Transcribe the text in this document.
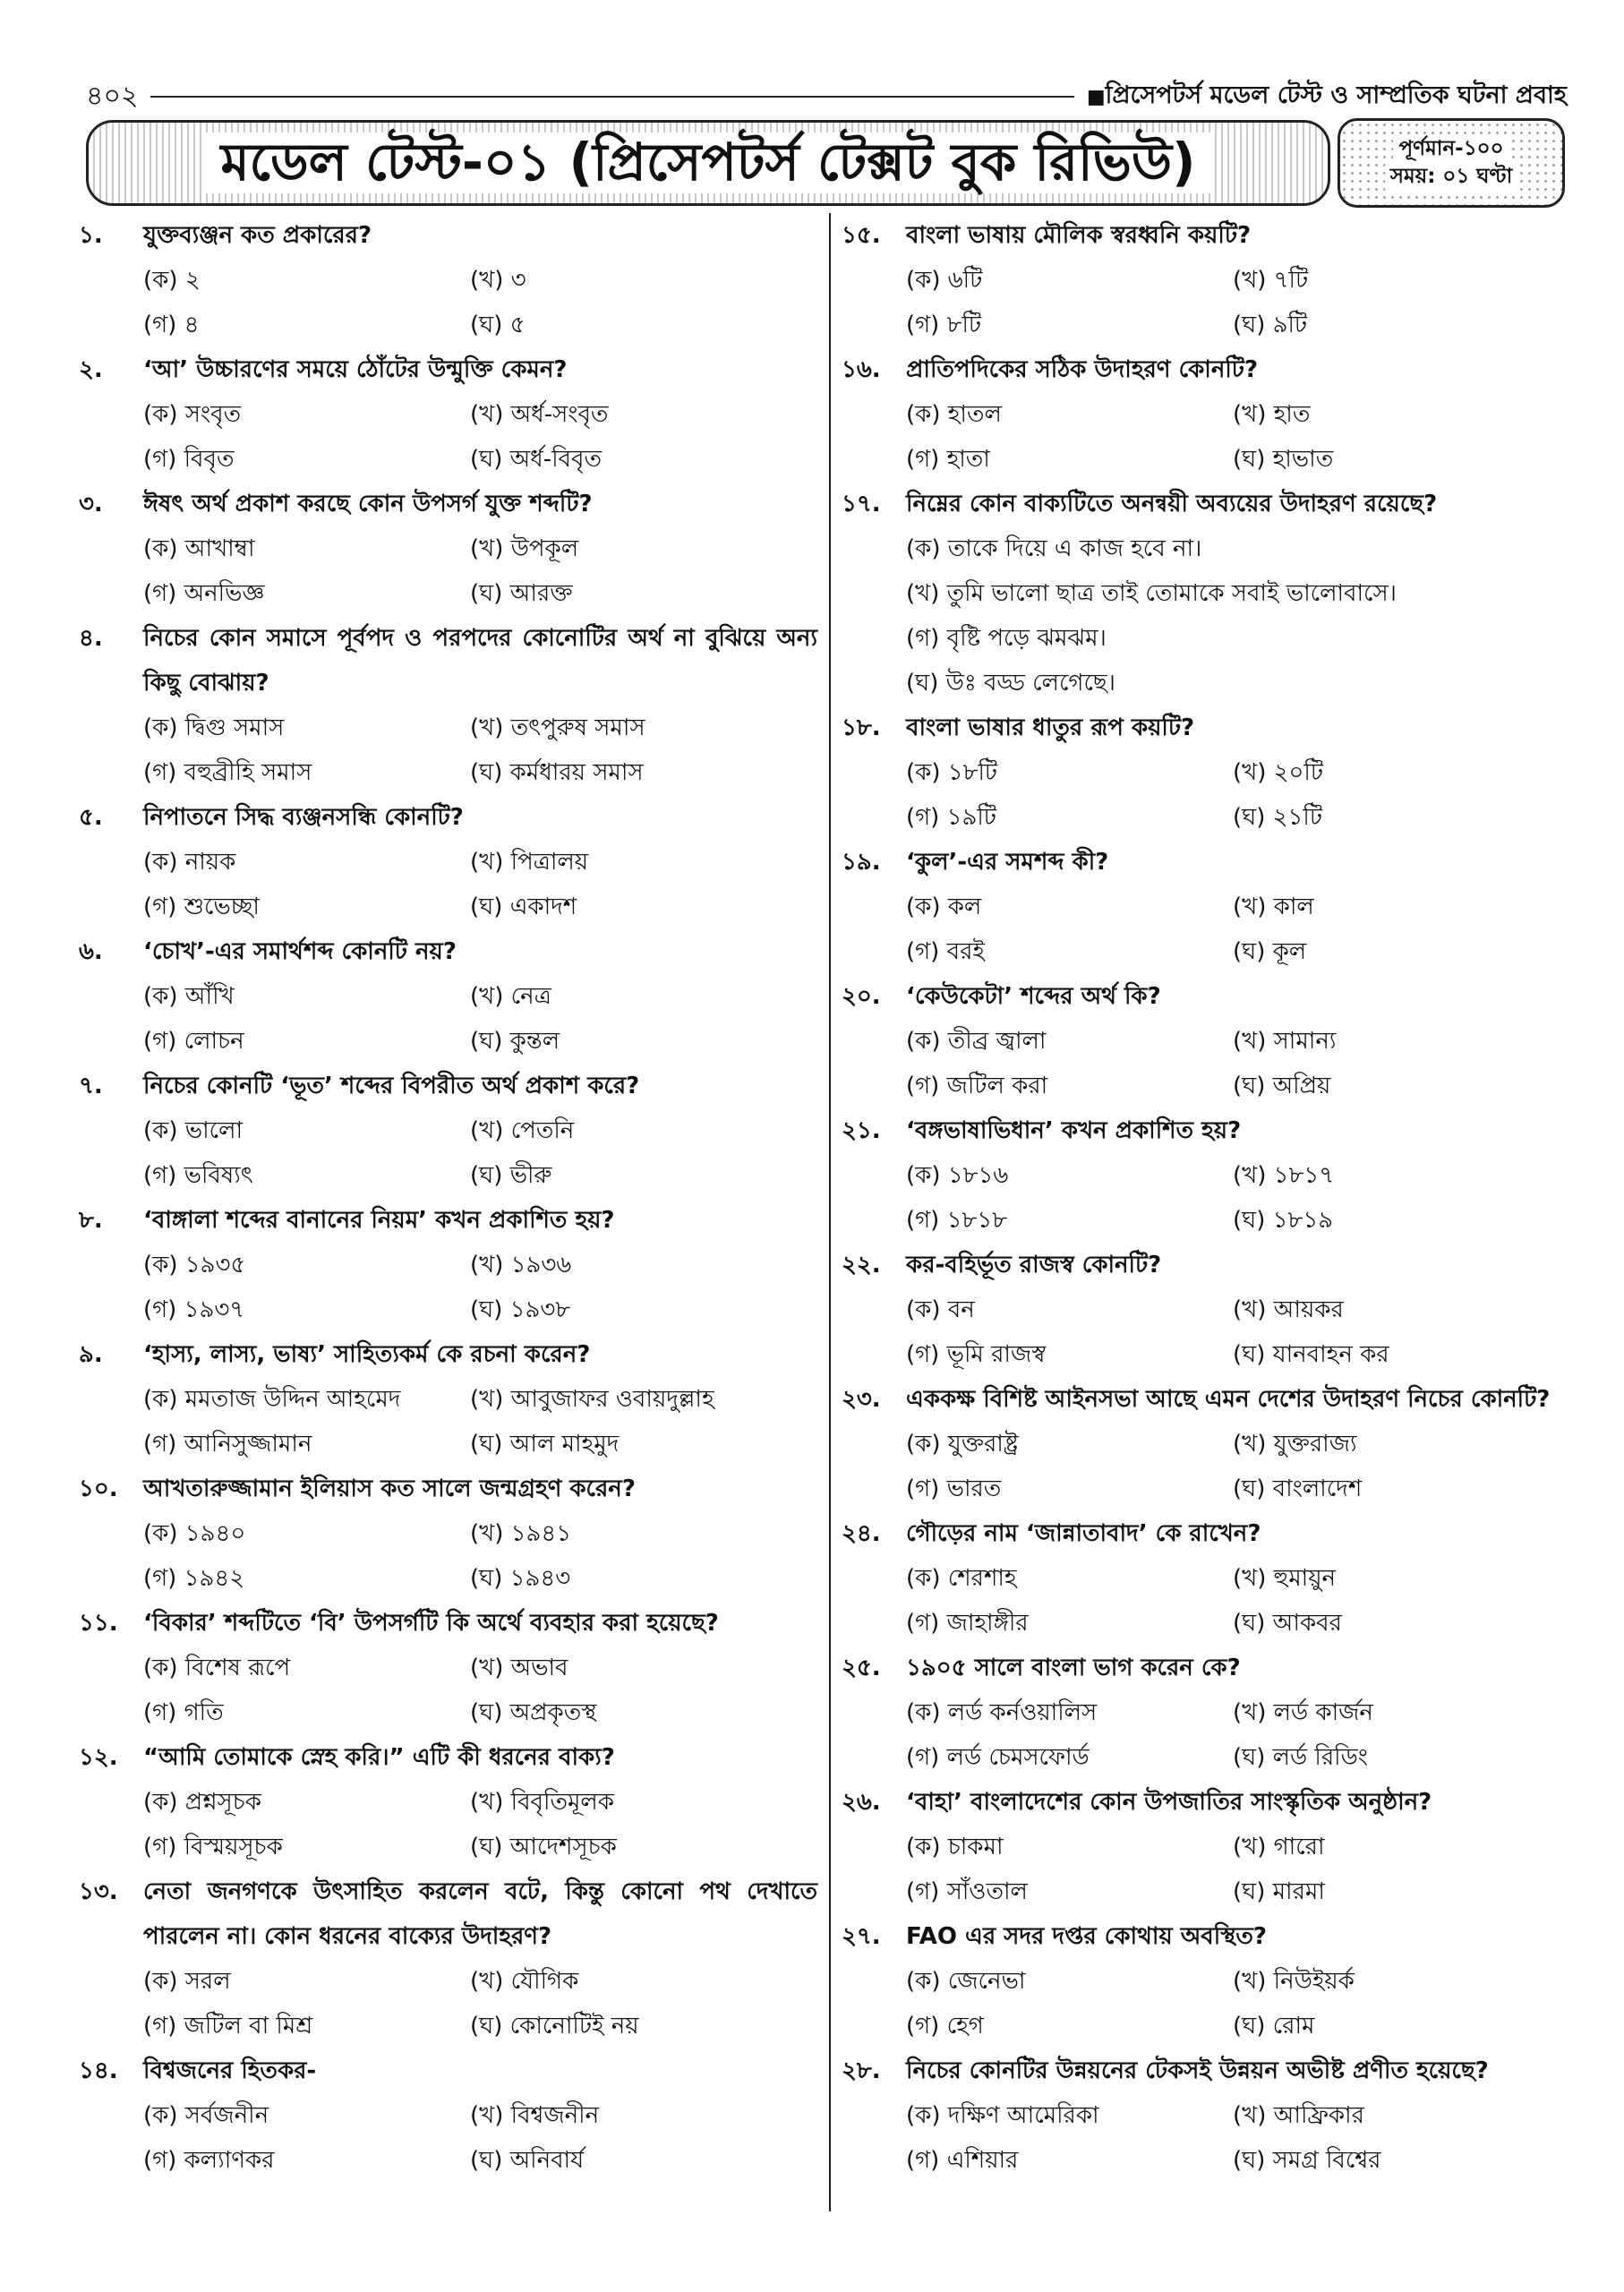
৪০২
■	প্রিসেপটর্স মডেল টেস্ট ও সাম্প্রতিক ঘটনা প্রবাহ
মডেল টেস্ট-০১ (প্রিসেপটর্স টেক্সট বুক রিভিউ)	পূর্ণমান-১০০
সময়: ০১ ঘণ্টা
১.	যুক্তব্যঞ্জন কত প্রকারের?
(ক) ২	(খ) ৩
(গ) ৪	(ঘ) ৫
২.	‘আ’ উচ্চারণের সময়ে ঠোঁটের উন্মুক্তি কেমন?
(ক) সংবৃত	(খ) অর্ধ-সংবৃত
(গ) বিবৃত	(ঘ) অর্ধ-বিবৃত
৩.	ঈষৎ অর্থ প্রকাশ করছে কোন উপসর্গ যুক্ত শব্দটি?
(ক) আখাম্বা	(খ) উপকূল
(গ) অনভিজ্ঞ	(ঘ) আরক্ত
৪.	নিচের কোন সমাসে পূর্বপদ ও পরপদের কোনোটির অর্থ না বুঝিয়ে অন্য কিছু বোঝায়?
(ক) দ্বিগু সমাস	(খ) তৎপুরুষ সমাস
(গ) বহুব্রীহি সমাস	(ঘ) কর্মধারয় সমাস
৫.	নিপাতনে সিদ্ধ ব্যঞ্জনসন্ধি কোনটি?
(ক) নায়ক	(খ) পিত্রালয়
(গ) শুভেচ্ছা	(ঘ) একাদশ
৬.	‘চোখ’-এর সমার্থশব্দ কোনটি নয়?
(ক) আঁখি	(খ) নেত্র
(গ) লোচন	(ঘ) কুন্তল
৭.	নিচের কোনটি ‘ভূত’ শব্দের বিপরীত অর্থ প্রকাশ করে?
(ক) ভালো	(খ) পেতনি
(গ) ভবিষ্যৎ	(ঘ) ভীরু
৮.	‘বাঙ্গালা শব্দের বানানের নিয়ম’ কখন প্রকাশিত হয়?
(ক) ১৯৩৫	(খ) ১৯৩৬
(গ) ১৯৩৭	(ঘ) ১৯৩৮
৯.	‘হাস্য, লাস্য, ভাষ্য’ সাহিত্যকর্ম কে রচনা করেন?
(ক) মমতাজ উদ্দিন আহমেদ	(খ) আবুজাফর ওবায়দুল্লাহ
(গ) আনিসুজ্জামান	(ঘ) আল মাহমুদ
১০.	আখতারুজ্জামান ইলিয়াস কত সালে জন্মগ্রহণ করেন?
(ক) ১৯৪০	(খ) ১৯৪১
(গ) ১৯৪২	(ঘ) ১৯৪৩
১১.	‘বিকার’ শব্দটিতে ‘বি’ উপসর্গটি কি অর্থে ব্যবহার করা হয়েছে?
(ক) বিশেষ রূপে	(খ) অভাব
(গ) গতি	(ঘ) অপ্রকৃতস্থ
১২.	“আমি তোমাকে স্নেহ করি।” এটি কী ধরনের বাক্য?
(ক) প্রশ্নসূচক	(খ) বিবৃতিমূলক
(গ) বিস্ময়সূচক	(ঘ) আদেশসূচক
১৩.	নেতা জনগণকে উৎসাহিত করলেন বটে, কিন্তু কোনো পথ দেখাতে পারলেন না। কোন ধরনের বাক্যের উদাহরণ?
(ক) সরল	(খ) যৌগিক
(গ) জটিল বা মিশ্র	(ঘ) কোনোটিই নয়
১৪.	বিশ্বজনের হিতকর-
(ক) সর্বজনীন	(খ) বিশ্বজনীন
(গ) কল্যাণকর	(ঘ) অনিবার্য
১৫.	বাংলা ভাষায় মৌলিক স্বরধ্বনি কয়টি?
(ক) ৬টি	(খ) ৭টি
(গ) ৮টি	(ঘ) ৯টি
১৬.	প্রাতিপদিকের সঠিক উদাহরণ কোনটি?
(ক) হাতল	(খ) হাত
(গ) হাতা	(ঘ) হাভাত
১৭.	নিম্নের কোন বাক্যটিতে অনন্বয়ী অব্যয়ের উদাহরণ রয়েছে?
(ক) তাকে দিয়ে এ কাজ হবে না।
(খ) তুমি ভালো ছাত্র তাই তোমাকে সবাই ভালোবাসে।
(গ) বৃষ্টি পড়ে ঝমঝম।
(ঘ) উঃ বড্ড লেগেছে।
১৮.	বাংলা ভাষার ধাতুর রূপ কয়টি?
(ক) ১৮টি	(খ) ২০টি
(গ) ১৯টি	(ঘ) ২১টি
১৯.	‘কুল’-এর সমশব্দ কী?
(ক) কল	(খ) কাল
(গ) বরই	(ঘ) কূল
২০.	‘কেউকেটা’ শব্দের অর্থ কি?
(ক) তীব্র জ্বালা	(খ) সামান্য
(গ) জটিল করা	(ঘ) অপ্রিয়
২১.	‘বঙ্গভাষাভিধান’ কখন প্রকাশিত হয়?
(ক) ১৮১৬	(খ) ১৮১৭
(গ) ১৮১৮	(ঘ) ১৮১৯
২২.	কর-বহির্ভূত রাজস্ব কোনটি?
(ক) বন	(খ) আয়কর
(গ) ভূমি রাজস্ব	(ঘ) যানবাহন কর
২৩.	এককক্ষ বিশিষ্ট আইনসভা আছে এমন দেশের উদাহরণ নিচের কোনটি?
(ক) যুক্তরাষ্ট্র	(খ) যুক্তরাজ্য
(গ) ভারত	(ঘ) বাংলাদেশ
২৪.	গৌড়ের নাম ‘জান্নাতাবাদ’ কে রাখেন?
(ক) শেরশাহ	(খ) হুমায়ুন
(গ) জাহাঙ্গীর	(ঘ) আকবর
২৫.	১৯০৫ সালে বাংলা ভাগ করেন কে?
(ক) লর্ড কর্নওয়ালিস	(খ) লর্ড কার্জন
(গ) লর্ড চেমসফোর্ড	(ঘ) লর্ড রিডিং
২৬.	‘বাহা’ বাংলাদেশের কোন উপজাতির সাংস্কৃতিক অনুষ্ঠান?
(ক) চাকমা	(খ) গারো
(গ) সাঁওতাল	(ঘ) মারমা
২৭.	FAO এর সদর দপ্তর কোথায় অবস্থিত?
(ক) জেনেভা	(খ) নিউইয়র্ক
(গ) হেগ	(ঘ) রোম
২৮.	নিচের কোনটির উন্নয়নের টেকসই উন্নয়ন অভীষ্ট প্রণীত হয়েছে?
(ক) দক্ষিণ আমেরিকা	(খ) আফ্রিকার
(গ) এশিয়ার	(ঘ) সমগ্র বিশ্বের
